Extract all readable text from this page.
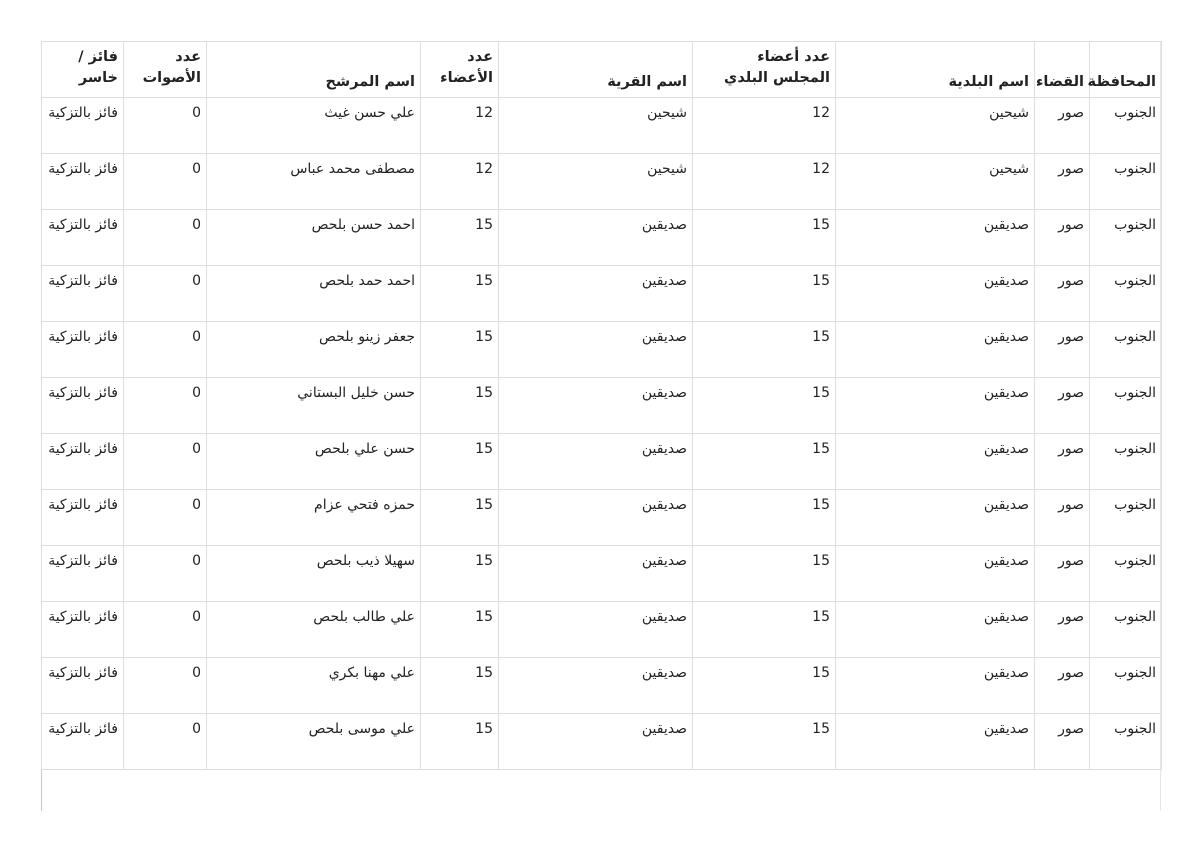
المحافظة	القضاء	اسم البلدية	عدد أعضاء المجلس البلدي	اسم القرية	عدد الأعضاء	اسم المرشح	عدد الأصوات	فائز / خاسر
الجنوب	صور	شيحين	12	شيحين	12	علي حسن غيث	0	فائز بالتزكية
الجنوب	صور	شيحين	12	شيحين	12	مصطفى محمد عباس	0	فائز بالتزكية
الجنوب	صور	صديقين	15	صديقين	15	احمد حسن بلحص	0	فائز بالتزكية
الجنوب	صور	صديقين	15	صديقين	15	احمد حمد بلحص	0	فائز بالتزكية
الجنوب	صور	صديقين	15	صديقين	15	جعفر زينو بلحص	0	فائز بالتزكية
الجنوب	صور	صديقين	15	صديقين	15	حسن خليل البستاني	0	فائز بالتزكية
الجنوب	صور	صديقين	15	صديقين	15	حسن علي بلحص	0	فائز بالتزكية
الجنوب	صور	صديقين	15	صديقين	15	حمزه فتحي عزام	0	فائز بالتزكية
الجنوب	صور	صديقين	15	صديقين	15	سهيلا ذيب بلحص	0	فائز بالتزكية
الجنوب	صور	صديقين	15	صديقين	15	علي طالب بلحص	0	فائز بالتزكية
الجنوب	صور	صديقين	15	صديقين	15	علي مهنا بكري	0	فائز بالتزكية
الجنوب	صور	صديقين	15	صديقين	15	علي موسى بلحص	0	فائز بالتزكية
